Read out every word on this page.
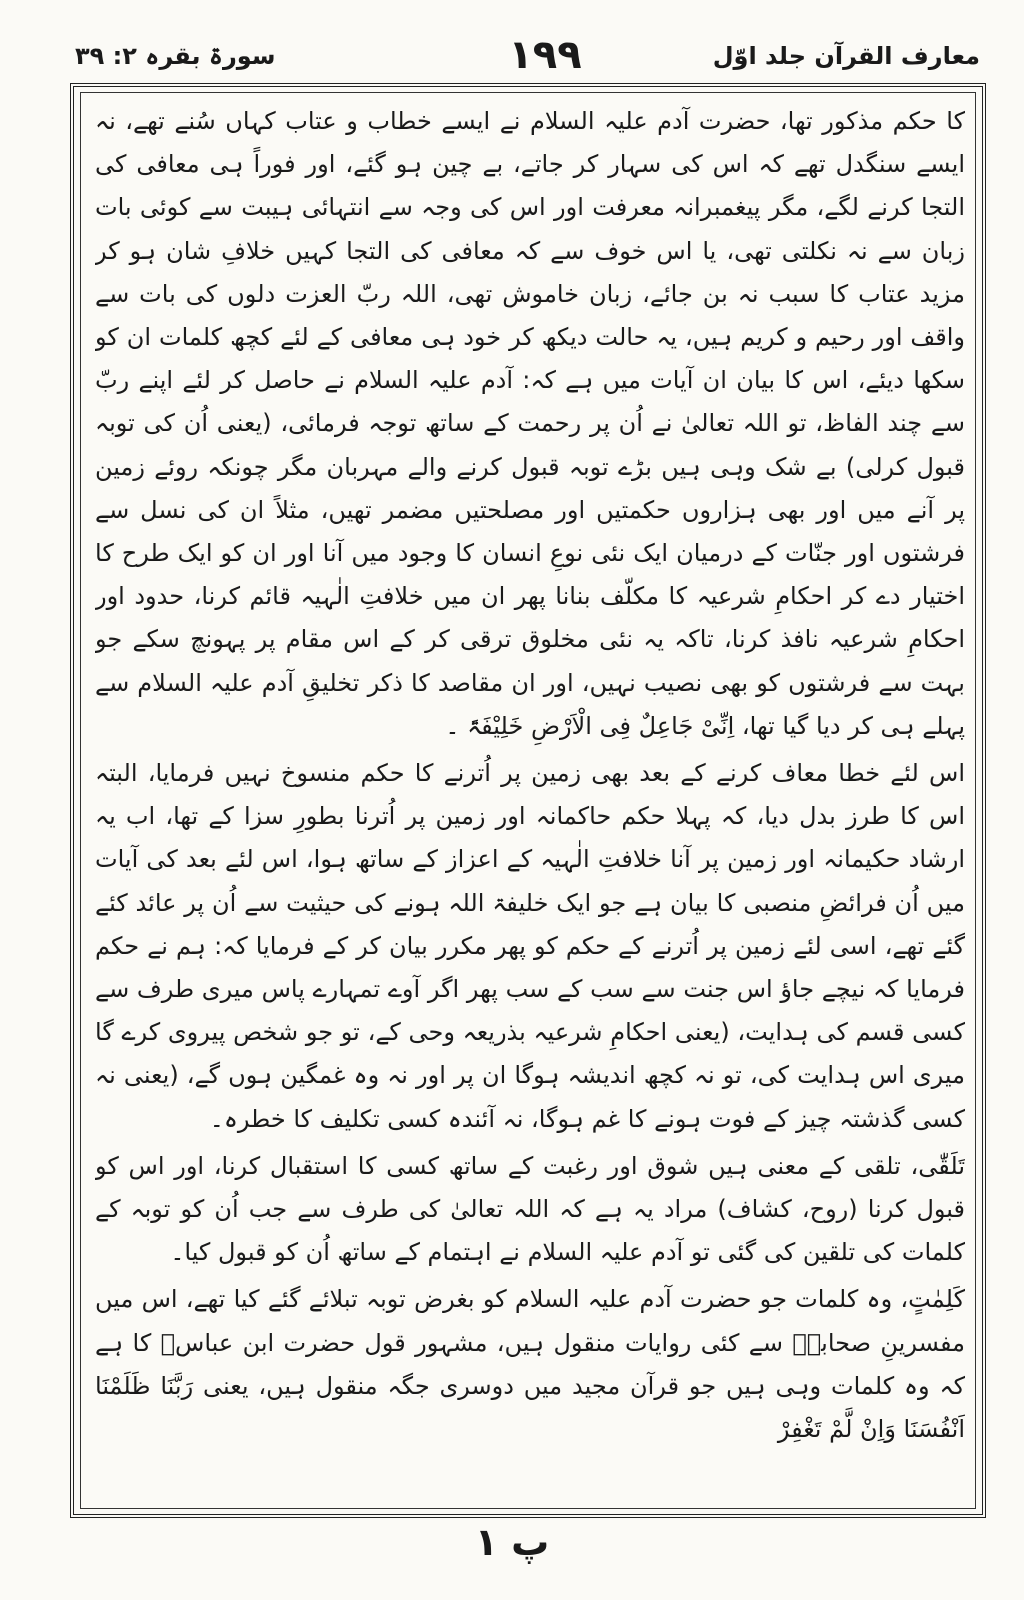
سورۃ بقرہ ۲: ۳۹	۱۹۹	معارف القرآن جلد اوّل

کا حکم مذکور تھا، حضرت آدم علیہ السلام نے ایسے خطاب و عتاب کہاں سُنے تھے، نہ ایسے سنگدل تھے کہ اس کی سہار کر جاتے، بے چین ہو گئے، اور فوراً ہی معافی کی التجا کرنے لگے، مگر پیغمبرانہ معرفت اور اس کی وجہ سے انتہائی ہیبت سے کوئی بات زبان سے نہ نکلتی تھی، یا اس خوف سے کہ معافی کی التجا کہیں خلافِ شان ہو کر مزید عتاب کا سبب نہ بن جائے، زبان خاموش تھی، اللہ ربّ العزت دلوں کی بات سے واقف اور رحیم و کریم ہیں، یہ حالت دیکھ کر خود ہی معافی کے لئے کچھ کلمات ان کو سکھا دیئے، اس کا بیان ان آیات میں ہے کہ: آدم علیہ السلام نے حاصل کر لئے اپنے ربّ سے چند الفاظ، تو اللہ تعالیٰ نے اُن پر رحمت کے ساتھ توجہ فرمائی، (یعنی اُن کی توبہ قبول کرلی) بے شک وہی ہیں بڑے توبہ قبول کرنے والے مہربان مگر چونکہ روئے زمین پر آنے میں اور بھی ہزاروں حکمتیں اور مصلحتیں مضمر تھیں، مثلاً ان کی نسل سے فرشتوں اور جنّات کے درمیان ایک نئی نوعِ انسان کا وجود میں آنا اور ان کو ایک طرح کا اختیار دے کر احکامِ شرعیہ کا مکلّف بنانا پھر ان میں خلافتِ الٰہیہ قائم کرنا، حدود اور احکامِ شرعیہ نافذ کرنا، تاکہ یہ نئی مخلوق ترقی کر کے اس مقام پر پہونچ سکے جو بہت سے فرشتوں کو بھی نصیب نہیں، اور ان مقاصد کا ذکر تخلیقِ آدم علیہ السلام سے پہلے ہی کر دیا گیا تھا، اِنِّیْ جَاعِلٌ فِی الْاَرْضِ خَلِیْفَۃً ۔

اس لئے خطا معاف کرنے کے بعد بھی زمین پر اُترنے کا حکم منسوخ نہیں فرمایا، البتہ اس کا طرز بدل دیا، کہ پہلا حکم حاکمانہ اور زمین پر اُترنا بطورِ سزا کے تھا، اب یہ ارشاد حکیمانہ اور زمین پر آنا خلافتِ الٰہیہ کے اعزاز کے ساتھ ہوا، اس لئے بعد کی آیات میں اُن فرائضِ منصبی کا بیان ہے جو ایک خلیفۃ اللہ ہونے کی حیثیت سے اُن پر عائد کئے گئے تھے، اسی لئے زمین پر اُترنے کے حکم کو پھر مکرر بیان کر کے فرمایا کہ: ہم نے حکم فرمایا کہ نیچے جاؤ اس جنت سے سب کے سب پھر اگر آوے تمہارے پاس میری طرف سے کسی قسم کی ہدایت، (یعنی احکامِ شرعیہ بذریعہ وحی کے، تو جو شخص پیروی کرے گا میری اس ہدایت کی، تو نہ کچھ اندیشہ ہوگا ان پر اور نہ وہ غمگین ہوں گے، (یعنی نہ کسی گذشتہ چیز کے فوت ہونے کا غم ہوگا، نہ آئندہ کسی تکلیف کا خطرہ۔

تَلَقّٰی، تلقی کے معنی ہیں شوق اور رغبت کے ساتھ کسی کا استقبال کرنا، اور اس کو قبول کرنا (روح، کشاف) مراد یہ ہے کہ اللہ تعالیٰ کی طرف سے جب اُن کو توبہ کے کلمات کی تلقین کی گئی تو آدم علیہ السلام نے اہتمام کے ساتھ اُن کو قبول کیا۔

کَلِمٰتٍ، وہ کلمات جو حضرت آدم علیہ السلام کو بغرض توبہ تبلائے گئے کیا تھے، اس میں مفسرینِ صحابہؓ سے کئی روایات منقول ہیں، مشہور قول حضرت ابن عباسؓ کا ہے کہ وہ کلمات وہی ہیں جو قرآن مجید میں دوسری جگہ منقول ہیں، یعنی رَبَّنَا ظَلَمْنَا اَنْفُسَنَا وَاِنْ لَّمْ تَغْفِرْ

پ ۱
